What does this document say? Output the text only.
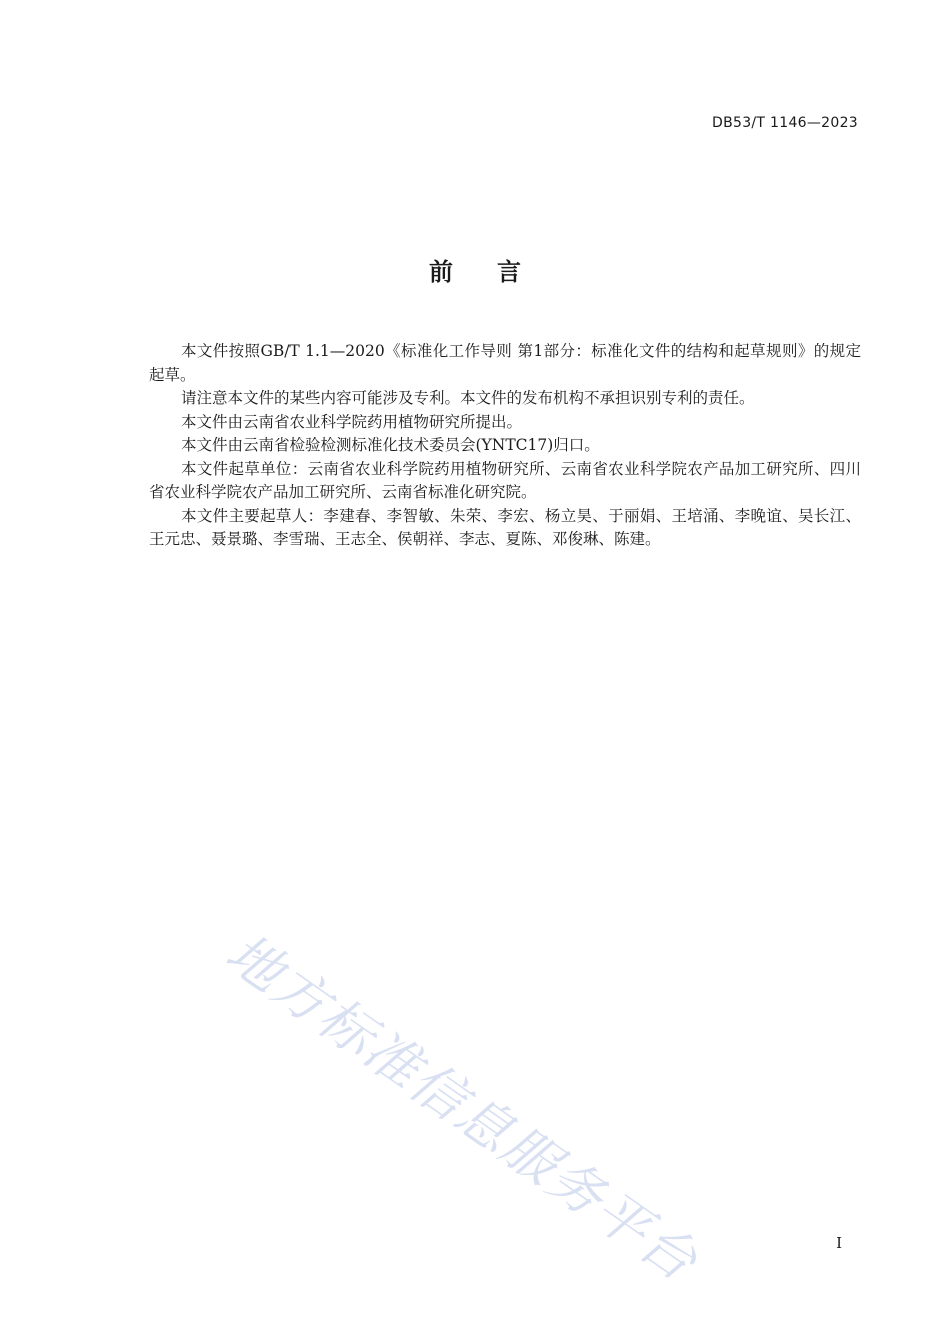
DB53/T 1146—2023
前言

本文件按照GB/T 1.1—2020《标准化工作导则 第1部分：标准化文件的结构和起草规则》的规定起草。

请注意本文件的某些内容可能涉及专利。本文件的发布机构不承担识别专利的责任。

本文件由云南省农业科学院药用植物研究所提出。

本文件由云南省检验检测标准化技术委员会(YNTC17)归口。

本文件起草单位：云南省农业科学院药用植物研究所、云南省农业科学院农产品加工研究所、四川省农业科学院农产品加工研究所、云南省标准化研究院。

本文件主要起草人：李建春、李智敏、朱荣、李宏、杨立昊、于丽娟、王培涌、李晚谊、吴长江、王元忠、聂景璐、李雪瑞、王志全、侯朝祥、李志、夏陈、邓俊琳、陈建。

地方标准信息服务平台	I
